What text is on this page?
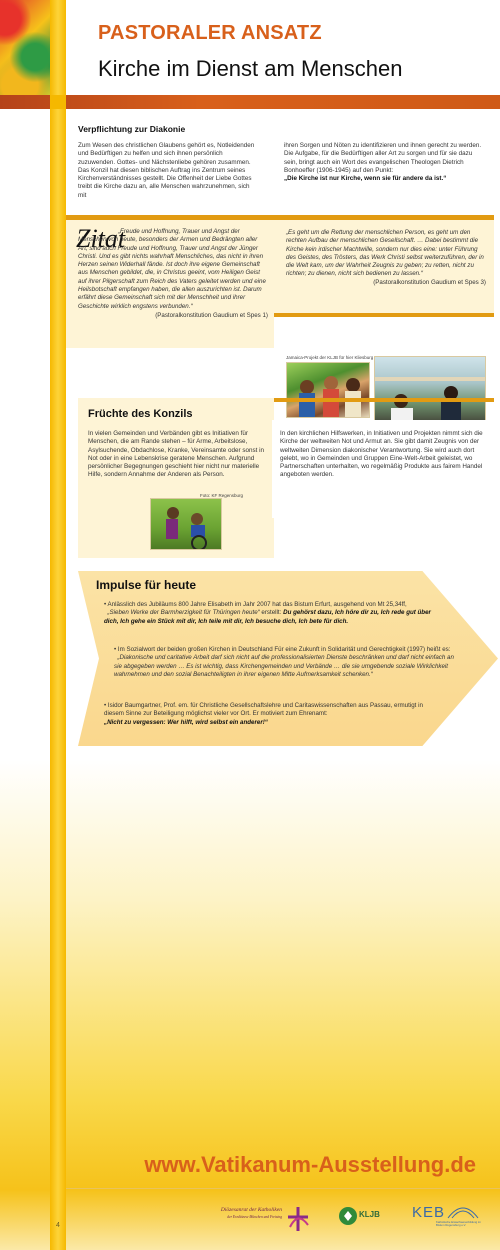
PASTORALER ANSATZ
Kirche im Dienst am Menschen
Verpflichtung zur Diakonie
Zum Wesen des christlichen Glaubens gehört es, Notleidenden und Bedürftigen zu helfen und sich ihnen persönlich zuzuwenden. Gottes- und Nächstenliebe gehören zusammen. Das Konzil hat diesen biblischen Auftrag ins Zentrum seines Kirchenverständnisses gestellt. Die Offenheit der Liebe Gottes treibt die Kirche dazu an, alle Menschen wahrzunehmen, sich mit
ihren Sorgen und Nöten zu identifizieren und ihnen gerecht zu werden. Die Aufgabe, für die Bedürftigen aller Art zu sorgen und für sie dazu sein, bringt auch ein Wort des evangelischen Theologen Dietrich Bonhoeffer (1906-1945) auf den Punkt:
„Die Kirche ist nur Kirche, wenn sie für andere da ist.“
Zitat
„Freude und Hoffnung, Trauer und Angst der Menschen von heute, besonders der Armen und Bedrängten aller Art, sind auch Freude und Hoffnung, Trauer und Angst der Jünger Christi. Und es gibt nichts wahrhaft Menschliches, das nicht in ihren Herzen seinen Widerhall fände. Ist doch ihre eigene Gemeinschaft aus Menschen gebildet, die, in Christus geeint, vom Heiligen Geist auf ihrer Pilgerschaft zum Reich des Vaters geleitet werden und eine Heilsbotschaft empfangen haben, die allen auszurichten ist. Darum erfährt diese Gemeinschaft sich mit der Menschheit und ihrer Geschichte wirklich engstens verbunden.“
(Pastoralkonstitution Gaudium et Spes 1)
„Es geht um die Rettung der menschlichen Person, es geht um den rechten Aufbau der menschlichen Gesellschaft. … Dabei bestimmt die Kirche kein irdischer Machtwille, sondern nur dies eine: unter Führung des Geistes, des Trösters, das Werk Christi selbst weiterzuführen, der in die Welt kam, um der Wahrheit Zeugnis zu geben; zu retten, nicht zu richten; zu dienen, nicht sich bedienen zu lassen.“
(Pastoralkonstitution Gaudium et Spes 3)
Jamaica-Projekt der KLJB für hier Kliesburg
Früchte des Konzils
In vielen Gemeinden und Verbänden gibt es Initiativen für Menschen, die am Rande stehen – für Arme, Arbeitslose, Asylsuchende, Obdachlose, Kranke, Vereinsamte oder sonst in Not oder in eine Lebenskrise geratene Menschen. Aufgrund persönlicher Begegnungen geschieht hier nicht nur materielle Hilfe, sondern Annahme der Anderen als Person.
In den kirchlichen Hilfswerken, in Initiativen und Projekten nimmt sich die Kirche der weltweiten Not und Armut an. Sie gibt damit Zeugnis von der weltweiten Dimension diakonischer Verantwortung. Sie wird auch dort gelebt, wo in Gemeinden und Gruppen Eine-Welt-Arbeit geleistet, wo Partnerschaften unterhalten, wo regelmäßig Produkte aus fairem Handel angeboten werden.
Foto: KF Regensburg
Impulse für heute
• Anlässlich des Jubiläums 800 Jahre Elisabeth im Jahr 2007 hat das Bistum Erfurt, ausgehend von Mt 25,34ff,
„Sieben Werke der Barmherzigkeit für Thüringen heute“ erstellt: Du gehörst dazu, Ich höre dir zu, Ich rede gut über dich, Ich gehe ein Stück mit dir, Ich teile mit dir, Ich besuche dich, Ich bete für dich.
• Im Sozialwort der beiden großen Kirchen in Deutschland Für eine Zukunft in Solidarität und Gerechtigkeit (1997) heißt es:
„Diakonische und caritative Arbeit darf sich nicht auf die professionalisierten Dienste beschränken und darf nicht einfach an sie abgegeben werden … Es ist wichtig, dass Kirchengemeinden und Verbände … die sie umgebende soziale Wirklichkeit wahrnehmen und den sozial Benachteiligten in ihrer eigenen Mitte Aufmerksamkeit schenken.“
• Isidor Baumgartner, Prof. em. für Christliche Gesellschaftslehre und Caritaswissenschaften aus Passau, ermutigt in diesem Sinne zur Beteiligung möglichst vieler vor Ort. Er motiviert zum Ehrenamt:
„Nicht zu vergessen: Wer hilft, wird selbst ein anderer!“
www.Vatikanum-Ausstellung.de
4
Diözesanrat der Katholiken
der Erzdiözese München und Freising	KLJB KEB
Katholische Erwachsenenbildung im Bistum Regensburg e.V.
